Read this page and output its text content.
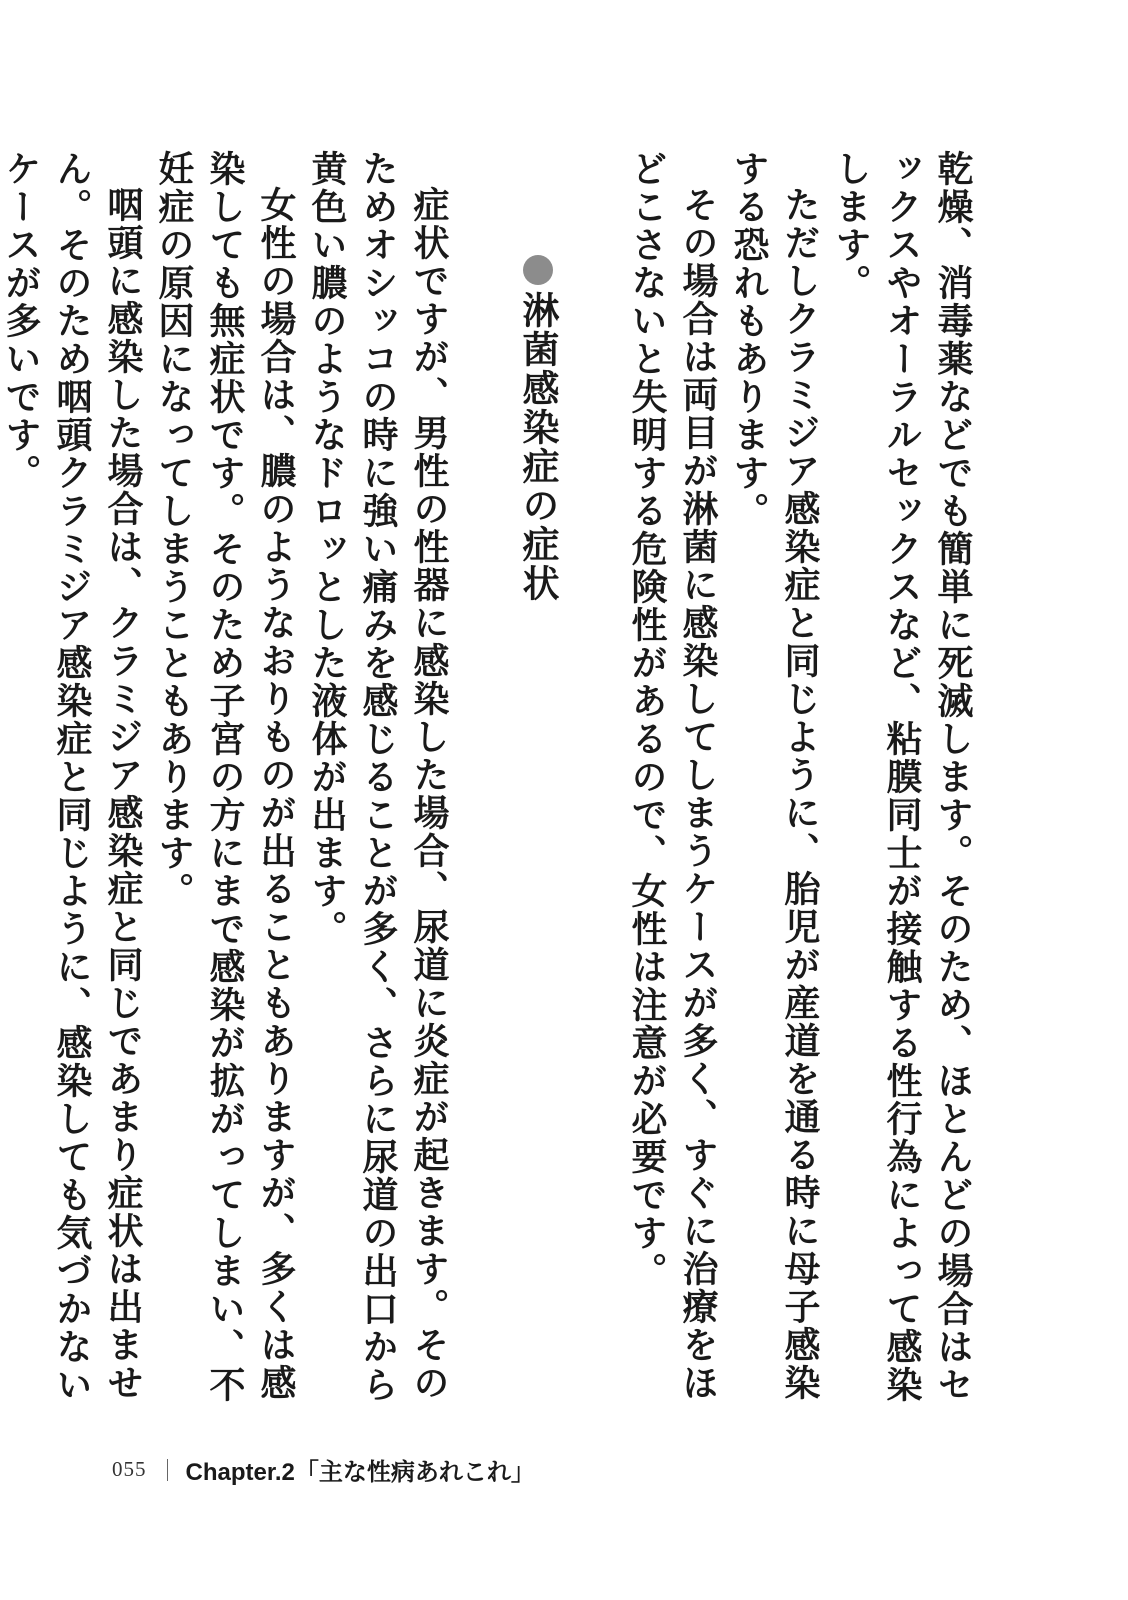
乾燥、消毒薬などでも簡単に死滅します。そのため、ほとんどの場合はセックスやオーラルセックスなど、粘膜同士が接触する性行為によって感染します。

ただしクラミジア感染症と同じように、胎児が産道を通る時に母子感染する恐れもあります。

その場合は両目が淋菌に感染してしまうケースが多く、すぐに治療をほどこさないと失明する危険性があるので、女性は注意が必要です。

淋菌感染症の症状

症状ですが、男性の性器に感染した場合、尿道に炎症が起きます。そのためオシッコの時に強い痛みを感じることが多く、さらに尿道の出口から黄色い膿のようなドロッとした液体が出ます。

女性の場合は、膿のようなおりものが出ることもありますが、多くは感染しても無症状です。そのため子宮の方にまで感染が拡がってしまい、不妊症の原因になってしまうこともあります。

咽頭に感染した場合は、クラミジア感染症と同じであまり症状は出ません。そのため咽頭クラミジア感染症と同じように、感染しても気づかないケースが多いです。

055 Chapter.2「主な性病あれこれ」
